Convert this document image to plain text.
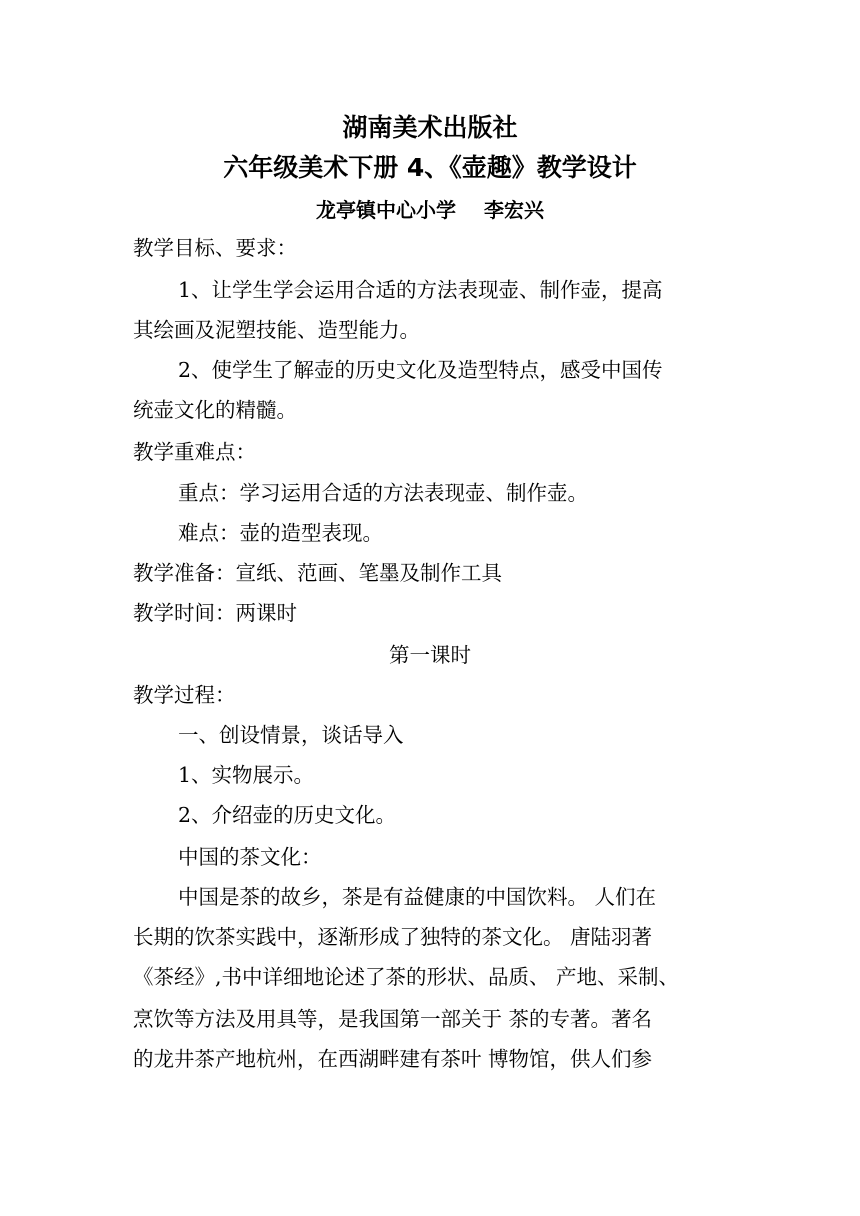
湖南美术出版社
六年级美术下册 4、《壶趣》教学设计
龙亭镇中心小学 李宏兴
教学目标、要求：
1、让学生学会运用合适的方法表现壶、制作壶，提高
其绘画及泥塑技能、造型能力。
2、使学生了解壶的历史文化及造型特点，感受中国传
统壶文化的精髓。
教学重难点：
重点：学习运用合适的方法表现壶、制作壶。
难点：壶的造型表现。
教学准备：宣纸、范画、笔墨及制作工具
教学时间：两课时
第一课时
教学过程：
一、创设情景，谈话导入
1、实物展示。
2、介绍壶的历史文化。
中国的茶文化：
中国是茶的故乡，茶是有益健康的中国饮料。 人们在
长期的饮茶实践中，逐渐形成了独特的茶文化。 唐陆羽著
《茶经》,书中详细地论述了茶的形状、品质、 产地、采制、
烹饮等方法及用具等，是我国第一部关于 茶的专著。著名
的龙井茶产地杭州，在西湖畔建有茶叶 博物馆，供人们参
